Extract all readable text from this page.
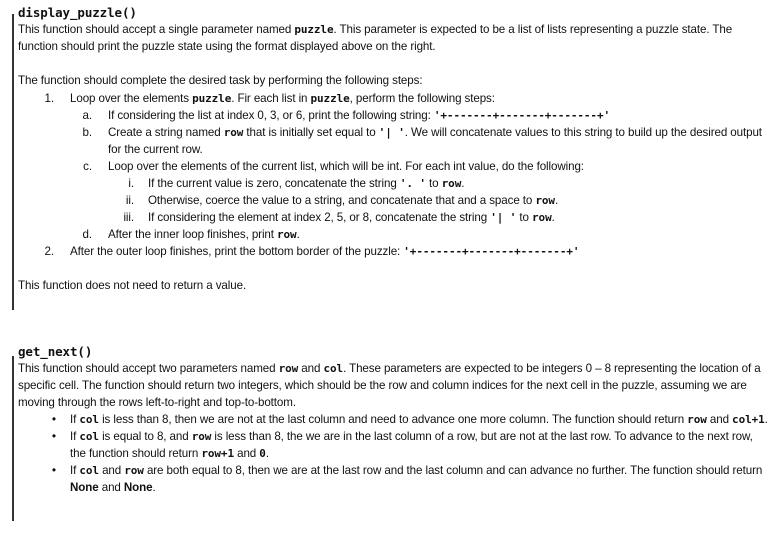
display_puzzle()

This function should accept a single parameter named puzzle. This parameter is expected to be a list of lists representing a puzzle state. The function should print the puzzle state using the format displayed above on the right.

The function should complete the desired task by performing the following steps:

1. Loop over the elements puzzle. Fir each list in puzzle, perform the following steps:
a. If considering the list at index 0, 3, or 6, print the following string: '+-------+-------+-------+'
b. Create a string named row that is initially set equal to '| '. We will concatenate values to this string to build up the desired output for the current row.
c. Loop over the elements of the current list, which will be int. For each int value, do the following:
i. If the current value is zero, concatenate the string '. ' to row.
ii. Otherwise, coerce the value to a string, and concatenate that and a space to row.
iii. If considering the element at index 2, 5, or 8, concatenate the string '| ' to row.
d. After the inner loop finishes, print row.
2. After the outer loop finishes, print the bottom border of the puzzle: '+-------+-------+-------+'

This function does not need to return a value.

get_next()

This function should accept two parameters named row and col. These parameters are expected to be integers 0 – 8 representing the location of a specific cell. The function should return two integers, which should be the row and column indices for the next cell in the puzzle, assuming we are moving through the rows left-to-right and top-to-bottom.

• If col is less than 8, then we are not at the last column and need to advance one more column. The function should return row and col+1.
• If col is equal to 8, and row is less than 8, the we are in the last column of a row, but are not at the last row. To advance to the next row, the function should return row+1 and 0.
• If col and row are both equal to 8, then we are at the last row and the last column and can advance no further. The function should return None and None.
